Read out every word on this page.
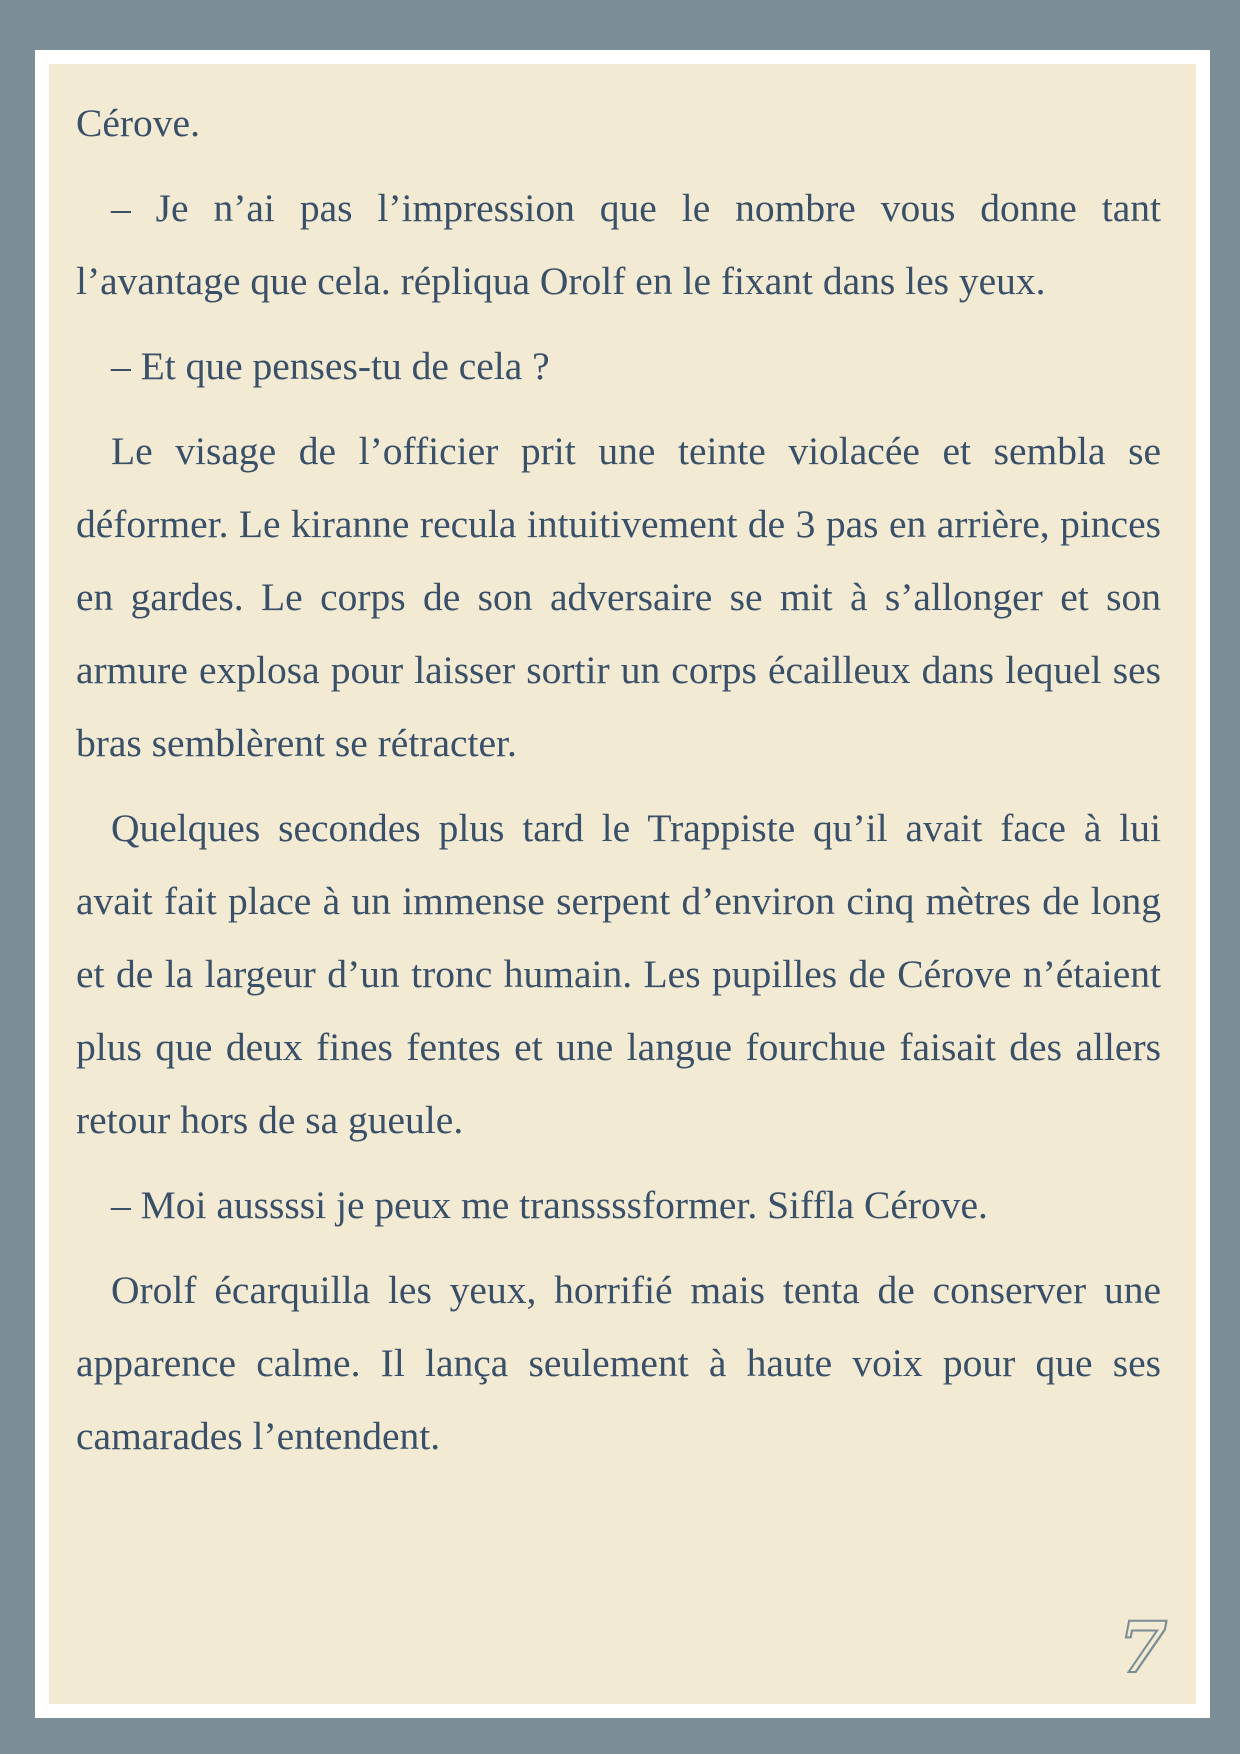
Cérove.

– Je n’ai pas l’impression que le nombre vous donne tant l’avantage que cela. répliqua Orolf en le fixant dans les yeux.

– Et que penses-tu de cela ?

Le visage de l’officier prit une teinte violacée et sembla se déformer. Le kiranne recula intuitivement de 3 pas en arrière, pinces en gardes. Le corps de son adversaire se mit à s’allonger et son armure explosa pour laisser sortir un corps écailleux dans lequel ses bras semblèrent se rétracter.

Quelques secondes plus tard le Trappiste qu’il avait face à lui avait fait place à un immense serpent d’environ cinq mètres de long et de la largeur d’un tronc humain. Les pupilles de Cérove n’étaient plus que deux fines fentes et une langue fourchue faisait des allers retour hors de sa gueule.

– Moi aussssi je peux me transsssformer. Siffla Cérove.

Orolf écarquilla les yeux, horrifié mais tenta de conserver une apparence calme. Il lança seulement à haute voix pour que ses camarades l’entendent.

7
